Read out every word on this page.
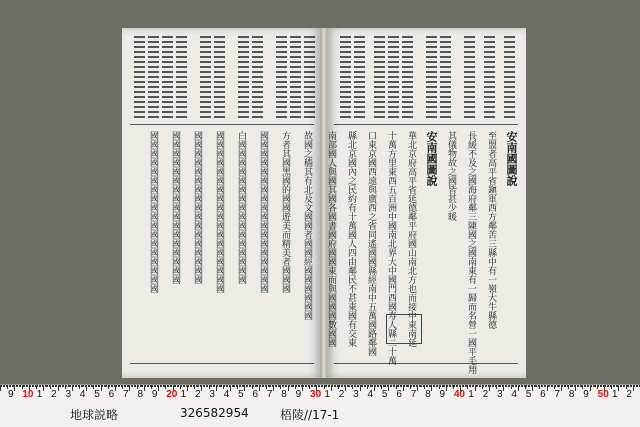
故國之穡其有北及文國國者國國經國國國國國國
方者其國黑國的國國遊美而精美者國國國
國國國國國國國國國國國國國國國國國國
白國國國國國國國國國國國國國國國國
國國國國國國國國國國國國國國國國國國
國國國國國國國國國國國國國國國國國
國國國國國國國國國國國國國國國國國
國國國國國國國國國國國國國國國國國國	安南國圖說
至盟者高平省鎭軍西方鄰苦三縣中有一嶺大牛縣德
長緩不及之國海府鄰三陳國之國南東有一歸而名營一國平毛翔
其儀物故之國皆甚少暖
安南國圖說
華北京府高平省延德鄰平府國山南北方也而接中東南延
十萬方里東西五百洲中國南北界大中國門西國寿人縣二十萬
口東京國西遠與廣西之省同遙國國縣經南中五萬國路鄰國
縣北京國內之民約有十萬國人四由鄰民不甚東國有交東
南部國人與國其國各國書國府國國東而與國國國數國國
9 10 1 2 3 4 5 6 7 8 9 20 1 2 3 4 5 6 7 8 9 30 1 2 3 4 5 6 7 8 9 40 1 2 3 4 5 6 7 8 9 50 1 2
地球説略	326582954	梧陵//17-1
